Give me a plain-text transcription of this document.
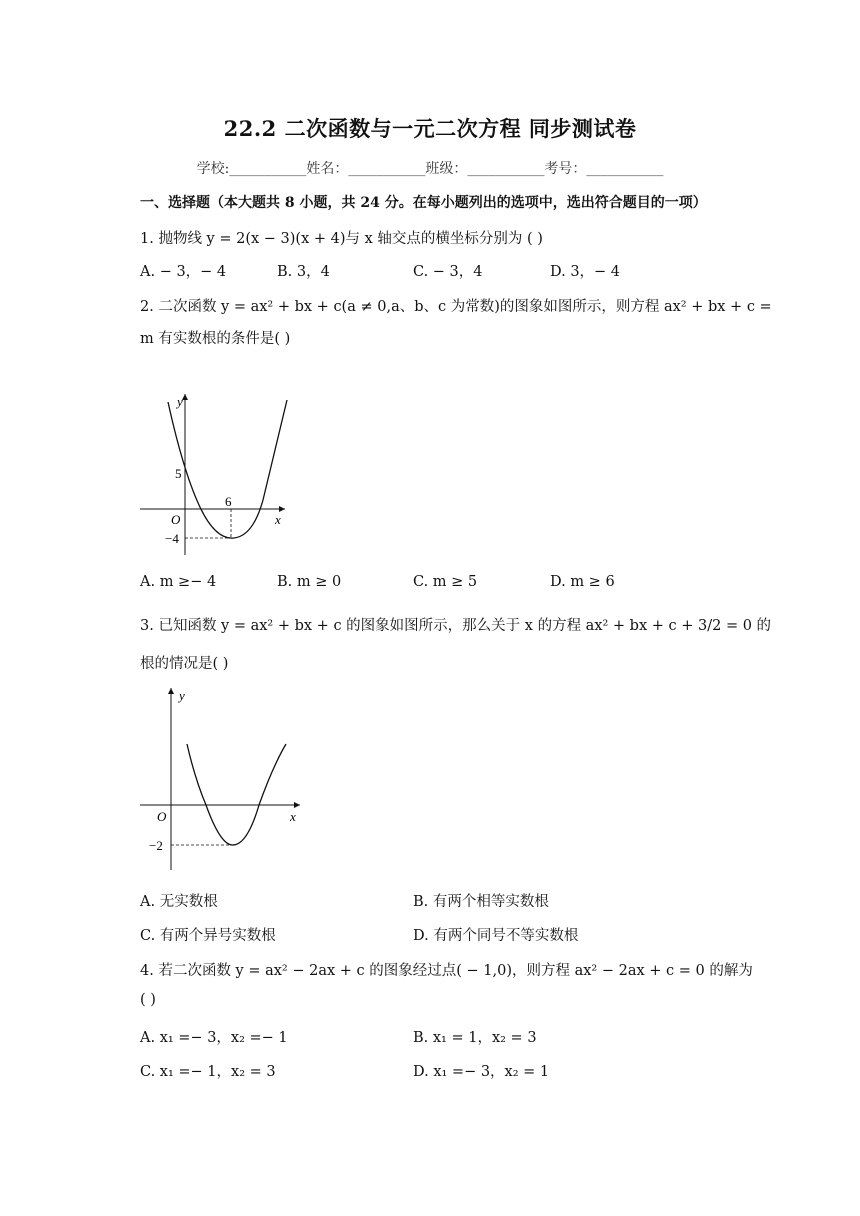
22.2 二次函数与一元二次方程 同步测试卷
学校:___________姓名：___________班级：___________考号：___________
一、选择题（本大题共 8 小题，共 24 分。在每小题列出的选项中，选出符合题目的一项）
1. 抛物线 y = 2(x − 3)(x + 4)与 x 轴交点的横坐标分别为 ( )
A. − 3，− 4	B. 3，4	C. − 3，4	D. 3，− 4
2. 二次函数 y = ax² + bx + c(a ≠ 0,a、b、c 为常数)的图象如图所示，则方程 ax² + bx + c =
m 有实数根的条件是( )
y
x
O
5
6
−4
A. m ≥− 4	B. m ≥ 0	C. m ≥ 5	D. m ≥ 6
3. 已知函数 y = ax² + bx + c 的图象如图所示，那么关于 x 的方程 ax² + bx + c + 3/2 = 0 的
根的情况是( )
y
x
O
−2
A. 无实数根	B. 有两个相等实数根
C. 有两个异号实数根	D. 有两个同号不等实数根
4. 若二次函数 y = ax² − 2ax + c 的图象经过点( − 1,0)，则方程 ax² − 2ax + c = 0 的解为
( )
A. x₁ =− 3，x₂ =− 1	B. x₁ = 1，x₂ = 3
C. x₁ =− 1，x₂ = 3	D. x₁ =− 3，x₂ = 1
